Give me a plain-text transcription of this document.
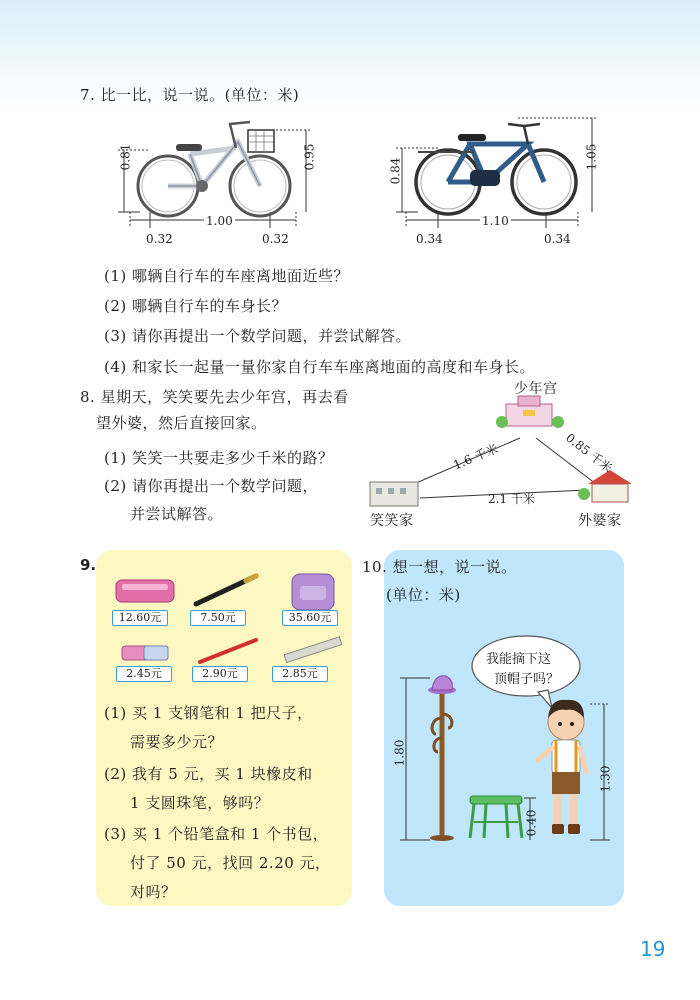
7. 比一比，说一说。(单位：米)
0.81	0.95
1.00
0.32	0.32
0.84
1.05
1.10
0.34	0.34
(1) 哪辆自行车的车座离地面近些？
(2) 哪辆自行车的车身长？
(3) 请你再提出一个数学问题，并尝试解答。
(4) 和家长一起量一量你家自行车车座离地面的高度和车身长。
8. 星期天，笑笑要先去少年宫，再去看
望外婆，然后直接回家。
(1) 笑笑一共要走多少千米的路？
(2) 请你再提出一个数学问题，
并尝试解答。
少年宫
笑笑家	外婆家
1.6 千米	0.85 千米
2.1 千米
9.
12.60元	7.50元	35.60元
2.45元	2.90元	2.85元
(1) 买 1 支钢笔和 1 把尺子，
需要多少元？
(2) 我有 5 元，买 1 块橡皮和
1 支圆珠笔，够吗？
(3) 买 1 个铅笔盒和 1 个书包，
付了 50 元，找回 2.20 元，
对吗？
10. 想一想，说一说。
(单位：米)
我能摘下这
顶帽子吗？
1.80
0.40
1.30
19
